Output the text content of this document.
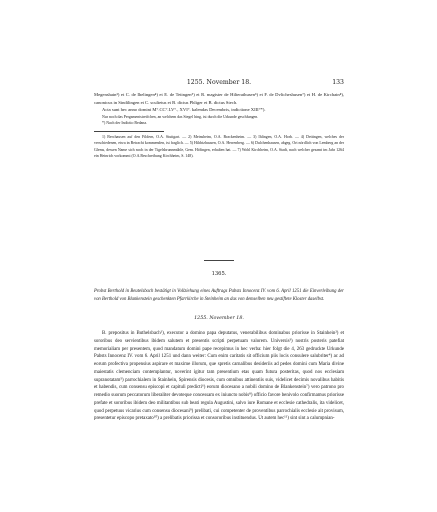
1255. November 18.	133

Megenshain³) et C. de Ihelingen⁴) et E. de Tetingen⁵) et R. magister de Hilterathusen⁶) et F. de Dvlicheshusen⁷) et H. de Kirchain⁸), canonicus in Sindilingen et C. scultetus et B. dictus Phliger et B. dictus Stech.

Acta sunt hec anno domini M°.CC°.LV°., XVI°. kalendas Decembris, indictione XIII°*).

Nur noch das Pergamentstreifchen, an welchem das Siegel hing, ist durch die Urkunde geschlungen.

*) Nach der Indictio Bedana.

1) Berchausen auf den Fildern, O.A. Stuttgart. — 2) Meinsheim, O.A. Brackenheim. — 3) Ihlingen, O.A. Horb. — 4) Dettingen, welches der verschiedenen, etwa in Betracht kommenden, ist fraglich. — 5) Hildrizhausen, O.A. Herrenberg. — 6) Dulchenhausen, abgeg. Ort nördlich von Lemberg an der Glems, dessen Name sich noch in der Tigelsbrunnmühle, Gem. Höfingen, erhalten hat. — 7) Wohl Kirchheim, O.A. Stadt, nach welcher gesamt im Jahr 1264 ein Heinrich vorkommt (O.A.Beschreibung Kirchheim, S. 148).

1365.
Probst Berthold in Beutelsbach bestätigt in Vollziehung eines Auftrags Pabsts Innocenz IV. vom 6. April 1251 die Einverleibung der von Berthold von Blankenstein geschenkten Pfarrkirche in Steinheim an das von demselben neu gestiftete Kloster daselbst.
1255. November 18.

B. prepositus in Buthelsbach¹), executor a domino papa deputatus, venerabilibus dominabus priorisse in Stainhein²) et sororibus deo servientibus ibidem salutem et presentis scripti perpetuam valorem. Universis³) nostris posteris patefiat memorialiam per presentem, quod mandatum domini pape recepimus in hec verba: hier folgt die 4, 263 gedruckte Urkunde Pabsts Innocenz IV. vom 6. April 1251 und dann weiter: Cum enim caritatis sit officium piis locis consulere salubriter⁴) ac ad eorum profectiva propensius aspirare et maxime illorum, que spretis carnalibus desideriis ad pedes domini cum Maria divine maiestatis clemenciam contemplantur, noverint igitur tam presentium etas quam futura posteritas, quod nos ecclesiam supranotatam⁵) parrochialem in Stainhein, Spirensis diocesis, cum omnibus attinentiis suis, videlicet decimis novalibus habitis et habendis, cum consensu episcopi et capituli predicti⁶) eorum diocesano a nobili domino de Blankenstein⁷) vero patrono pro remedio suorum peccatorum liberaliter devoteque concessam ex iniuncto nobis⁸) officio favore benivolo confirmamus priorisse prefate et sororibus ibidem deo militantibus sub beati regula Augustini, salvo iure Romane et ecclesie cathedralis, ita videlicet, quod perpetuus vicarius cum consensu diocesani⁹) prelibati, cui competenter de proventibus parrochialis ecclesie ait provisum, presentetur episcopo pretaxato¹⁰) a prelibatis priorissa et consororibus instituendus. Ut autem hec¹¹) sint sint a calumpnian-
